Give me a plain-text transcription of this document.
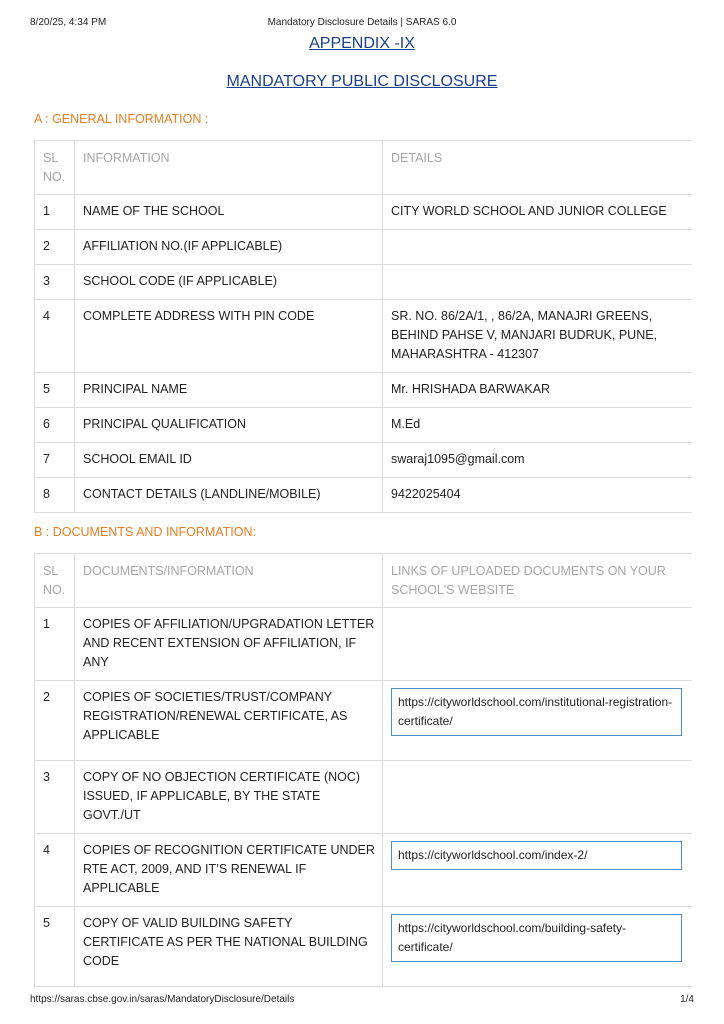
8/20/25, 4:34 PM	Mandatory Disclosure Details | SARAS 6.0
APPENDIX -IX
MANDATORY PUBLIC DISCLOSURE
A : GENERAL INFORMATION :
SL
NO.	INFORMATION	DETAILS
1	NAME OF THE SCHOOL	CITY WORLD SCHOOL AND JUNIOR COLLEGE
2	AFFILIATION NO.(IF APPLICABLE)	
3	SCHOOL CODE (IF APPLICABLE)	
4	COMPLETE ADDRESS WITH PIN CODE	SR. NO. 86/2A/1, , 86/2A, MANAJRI GREENS, BEHIND PAHSE V, MANJARI BUDRUK, PUNE, MAHARASHTRA - 412307
5	PRINCIPAL NAME	Mr. HRISHADA BARWAKAR
6	PRINCIPAL QUALIFICATION	M.Ed
7	SCHOOL EMAIL ID	swaraj1095@gmail.com
8	CONTACT DETAILS (LANDLINE/MOBILE)	9422025404
B : DOCUMENTS AND INFORMATION:
SL
NO.	DOCUMENTS/INFORMATION	LINKS OF UPLOADED DOCUMENTS ON YOUR SCHOOL'S WEBSITE
1	COPIES OF AFFILIATION/UPGRADATION LETTER AND RECENT EXTENSION OF AFFILIATION, IF ANY	
2	COPIES OF SOCIETIES/TRUST/COMPANY REGISTRATION/RENEWAL CERTIFICATE, AS APPLICABLE	https://cityworldschool.com/institutional-registration-certificate/

3	COPY OF NO OBJECTION CERTIFICATE (NOC) ISSUED, IF APPLICABLE, BY THE STATE GOVT./UT	
4	COPIES OF RECOGNITION CERTIFICATE UNDER RTE ACT, 2009, AND IT’S RENEWAL IF APPLICABLE	https://cityworldschool.com/index-2/

5	COPY OF VALID BUILDING SAFETY CERTIFICATE AS PER THE NATIONAL BUILDING CODE	https://cityworldschool.com/building-safety-certificate/
https://saras.cbse.gov.in/saras/MandatoryDisclosure/Details	1/4
